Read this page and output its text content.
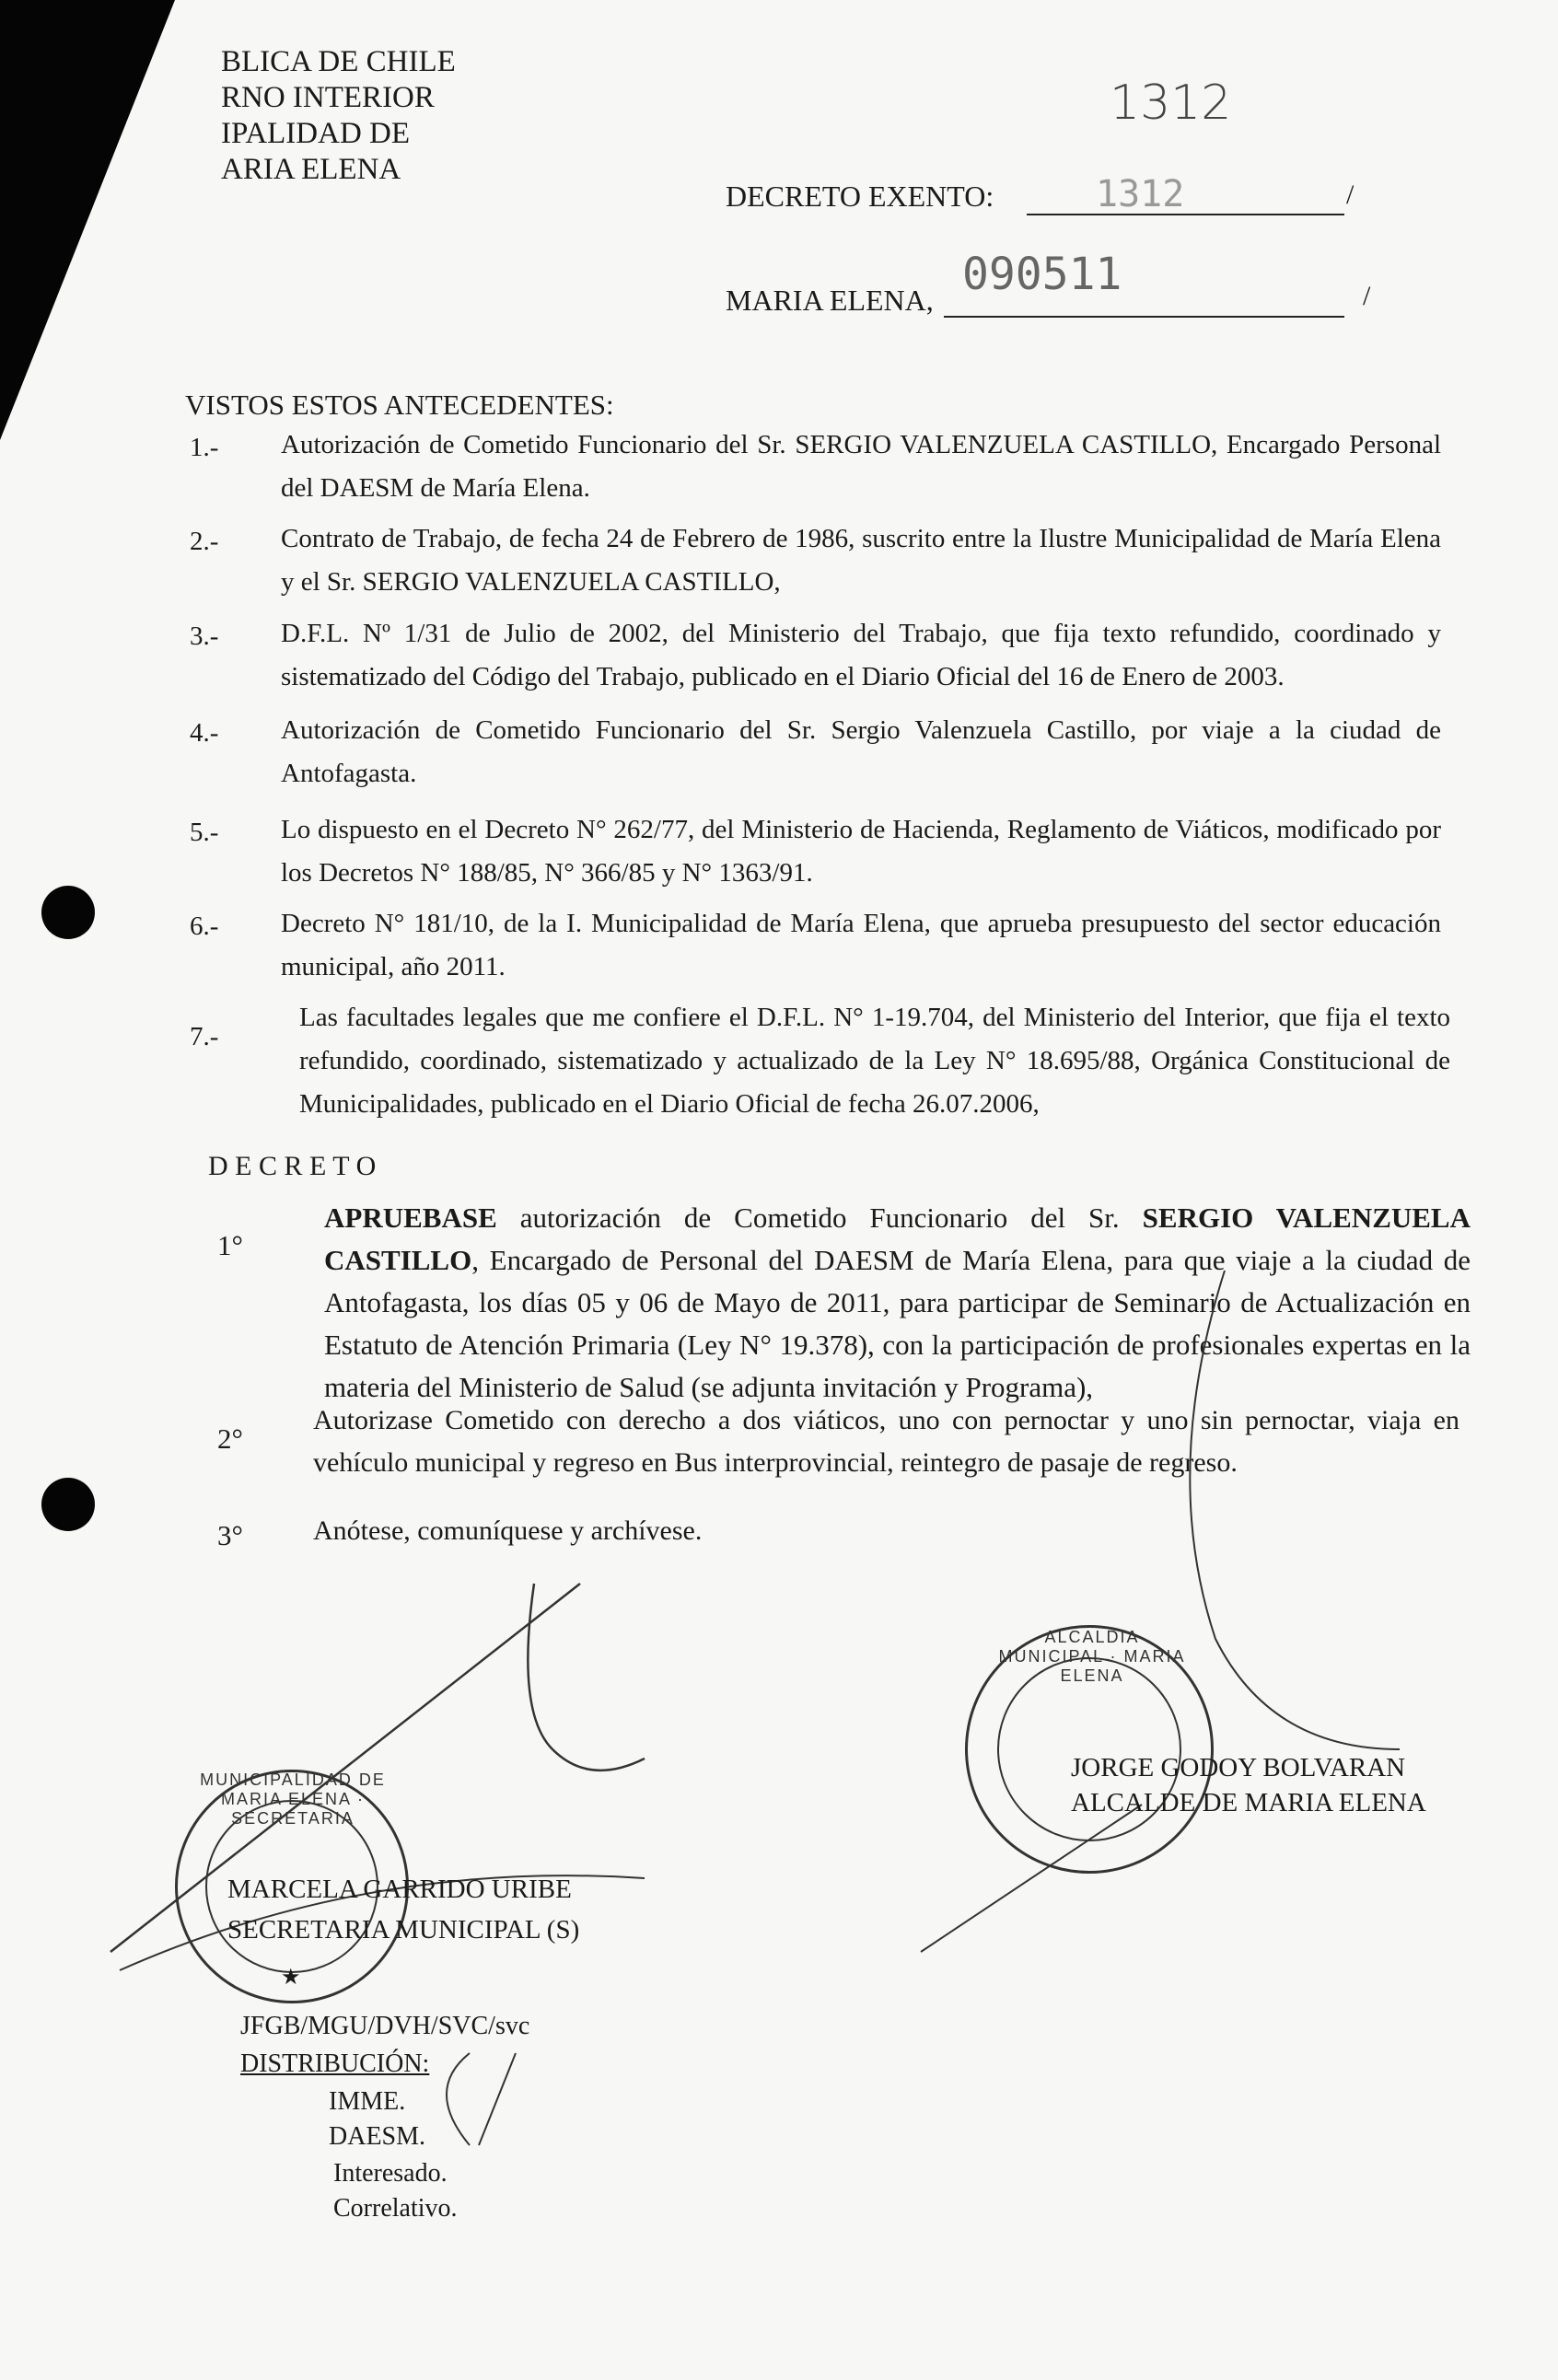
BLICA DE CHILE
RNO INTERIOR
IPALIDAD DE
ARIA ELENA
1312
DECRETO EXENTO:	1312	/
MARIA ELENA, 090511	/
VISTOS ESTOS ANTECEDENTES:
1.- Autorización de Cometido Funcionario del Sr. SERGIO VALENZUELA CASTILLO, Encargado Personal del DAESM de María Elena.
2.- Contrato de Trabajo, de fecha 24 de Febrero de 1986, suscrito entre la Ilustre Municipalidad de María Elena y el Sr. SERGIO VALENZUELA CASTILLO,
3.- D.F.L. Nº 1/31 de Julio de 2002, del Ministerio del Trabajo, que fija texto refundido, coordinado y sistematizado del Código del Trabajo, publicado en el Diario Oficial del 16 de Enero de 2003.
4.- Autorización de Cometido Funcionario del Sr. Sergio Valenzuela Castillo, por viaje a la ciudad de Antofagasta.
5.- Lo dispuesto en el Decreto N° 262/77, del Ministerio de Hacienda, Reglamento de Viáticos, modificado por los Decretos N° 188/85, N° 366/85 y N° 1363/91.
6.- Decreto N° 181/10, de la I. Municipalidad de María Elena, que aprueba presupuesto del sector educación municipal, año 2011.
7.-
Las facultades legales que me confiere el D.F.L. N° 1-19.704, del Ministerio del Interior, que fija el texto refundido, coordinado, sistematizado y actualizado de la Ley N° 18.695/88, Orgánica Constitucional de Municipalidades, publicado en el Diario Oficial de fecha 26.07.2006,
D E C R E T O
1°
APRUEBASE autorización de Cometido Funcionario del Sr. SERGIO VALENZUELA CASTILLO, Encargado de Personal del DAESM de María Elena, para que viaje a la ciudad de Antofagasta, los días 05 y 06 de Mayo de 2011, para participar de Seminario de Actualización en Estatuto de Atención Primaria (Ley N° 19.378), con la participación de profesionales expertas en la materia del Ministerio de Salud (se adjunta invitación y Programa),
2°
Autorizase Cometido con derecho a dos viáticos, uno con pernoctar y uno sin pernoctar, viaja en vehículo municipal y regreso en Bus interprovincial, reintegro de pasaje de regreso.
3°	Anótese, comuníquese y archívese.
MUNICIPALIDAD DE MARIA ELENA · SECRETARIA
★
ALCALDIA MUNICIPAL · MARIA ELENA
MARCELA GARRIDO URIBE
SECRETARIA MUNICIPAL (S)
JORGE GODOY BOLVARAN
ALCALDE DE MARIA ELENA
JFGB/MGU/DVH/SVC/svc
DISTRIBUCIÓN:
IMME.
DAESM.
Interesado.
Correlativo.
